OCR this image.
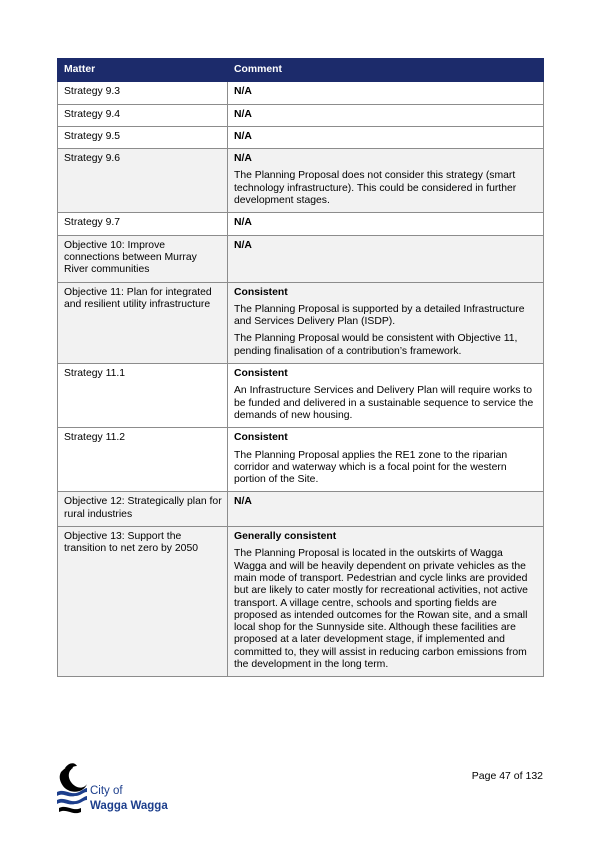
Matter	Comment
Strategy 9.3	N/A

Strategy 9.4	N/A

Strategy 9.5	N/A

Strategy 9.6	N/A

The Planning Proposal does not consider this strategy (smart technology infrastructure). This could be considered in further development stages.

Strategy 9.7	N/A

Objective 10: Improve connections between Murray River communities	N/A

Objective 11: Plan for integrated and resilient utility infrastructure	Consistent

The Planning Proposal is supported by a detailed Infrastructure and Services Delivery Plan (ISDP).

The Planning Proposal would be consistent with Objective 11, pending finalisation of a contribution’s framework.

Strategy 11.1	Consistent

An Infrastructure Services and Delivery Plan will require works to be funded and delivered in a sustainable sequence to service the demands of new housing.

Strategy 11.2	Consistent

The Planning Proposal applies the RE1 zone to the riparian corridor and waterway which is a focal point for the western portion of the Site.

Objective 12: Strategically plan for rural industries	N/A

Objective 13: Support the transition to net zero by 2050	Generally consistent

The Planning Proposal is located in the outskirts of Wagga Wagga and will be heavily dependent on private vehicles as the main mode of transport. Pedestrian and cycle links are provided but are likely to cater mostly for recreational activities, not active transport. A village centre, schools and sporting fields are proposed as intended outcomes for the Rowan site, and a small local shop for the Sunnyside site. Although these facilities are proposed at a later development stage, if implemented and committed to, they will assist in reducing carbon emissions from the development in the long term.

City of
Wagga Wagga
Page 47 of 132
